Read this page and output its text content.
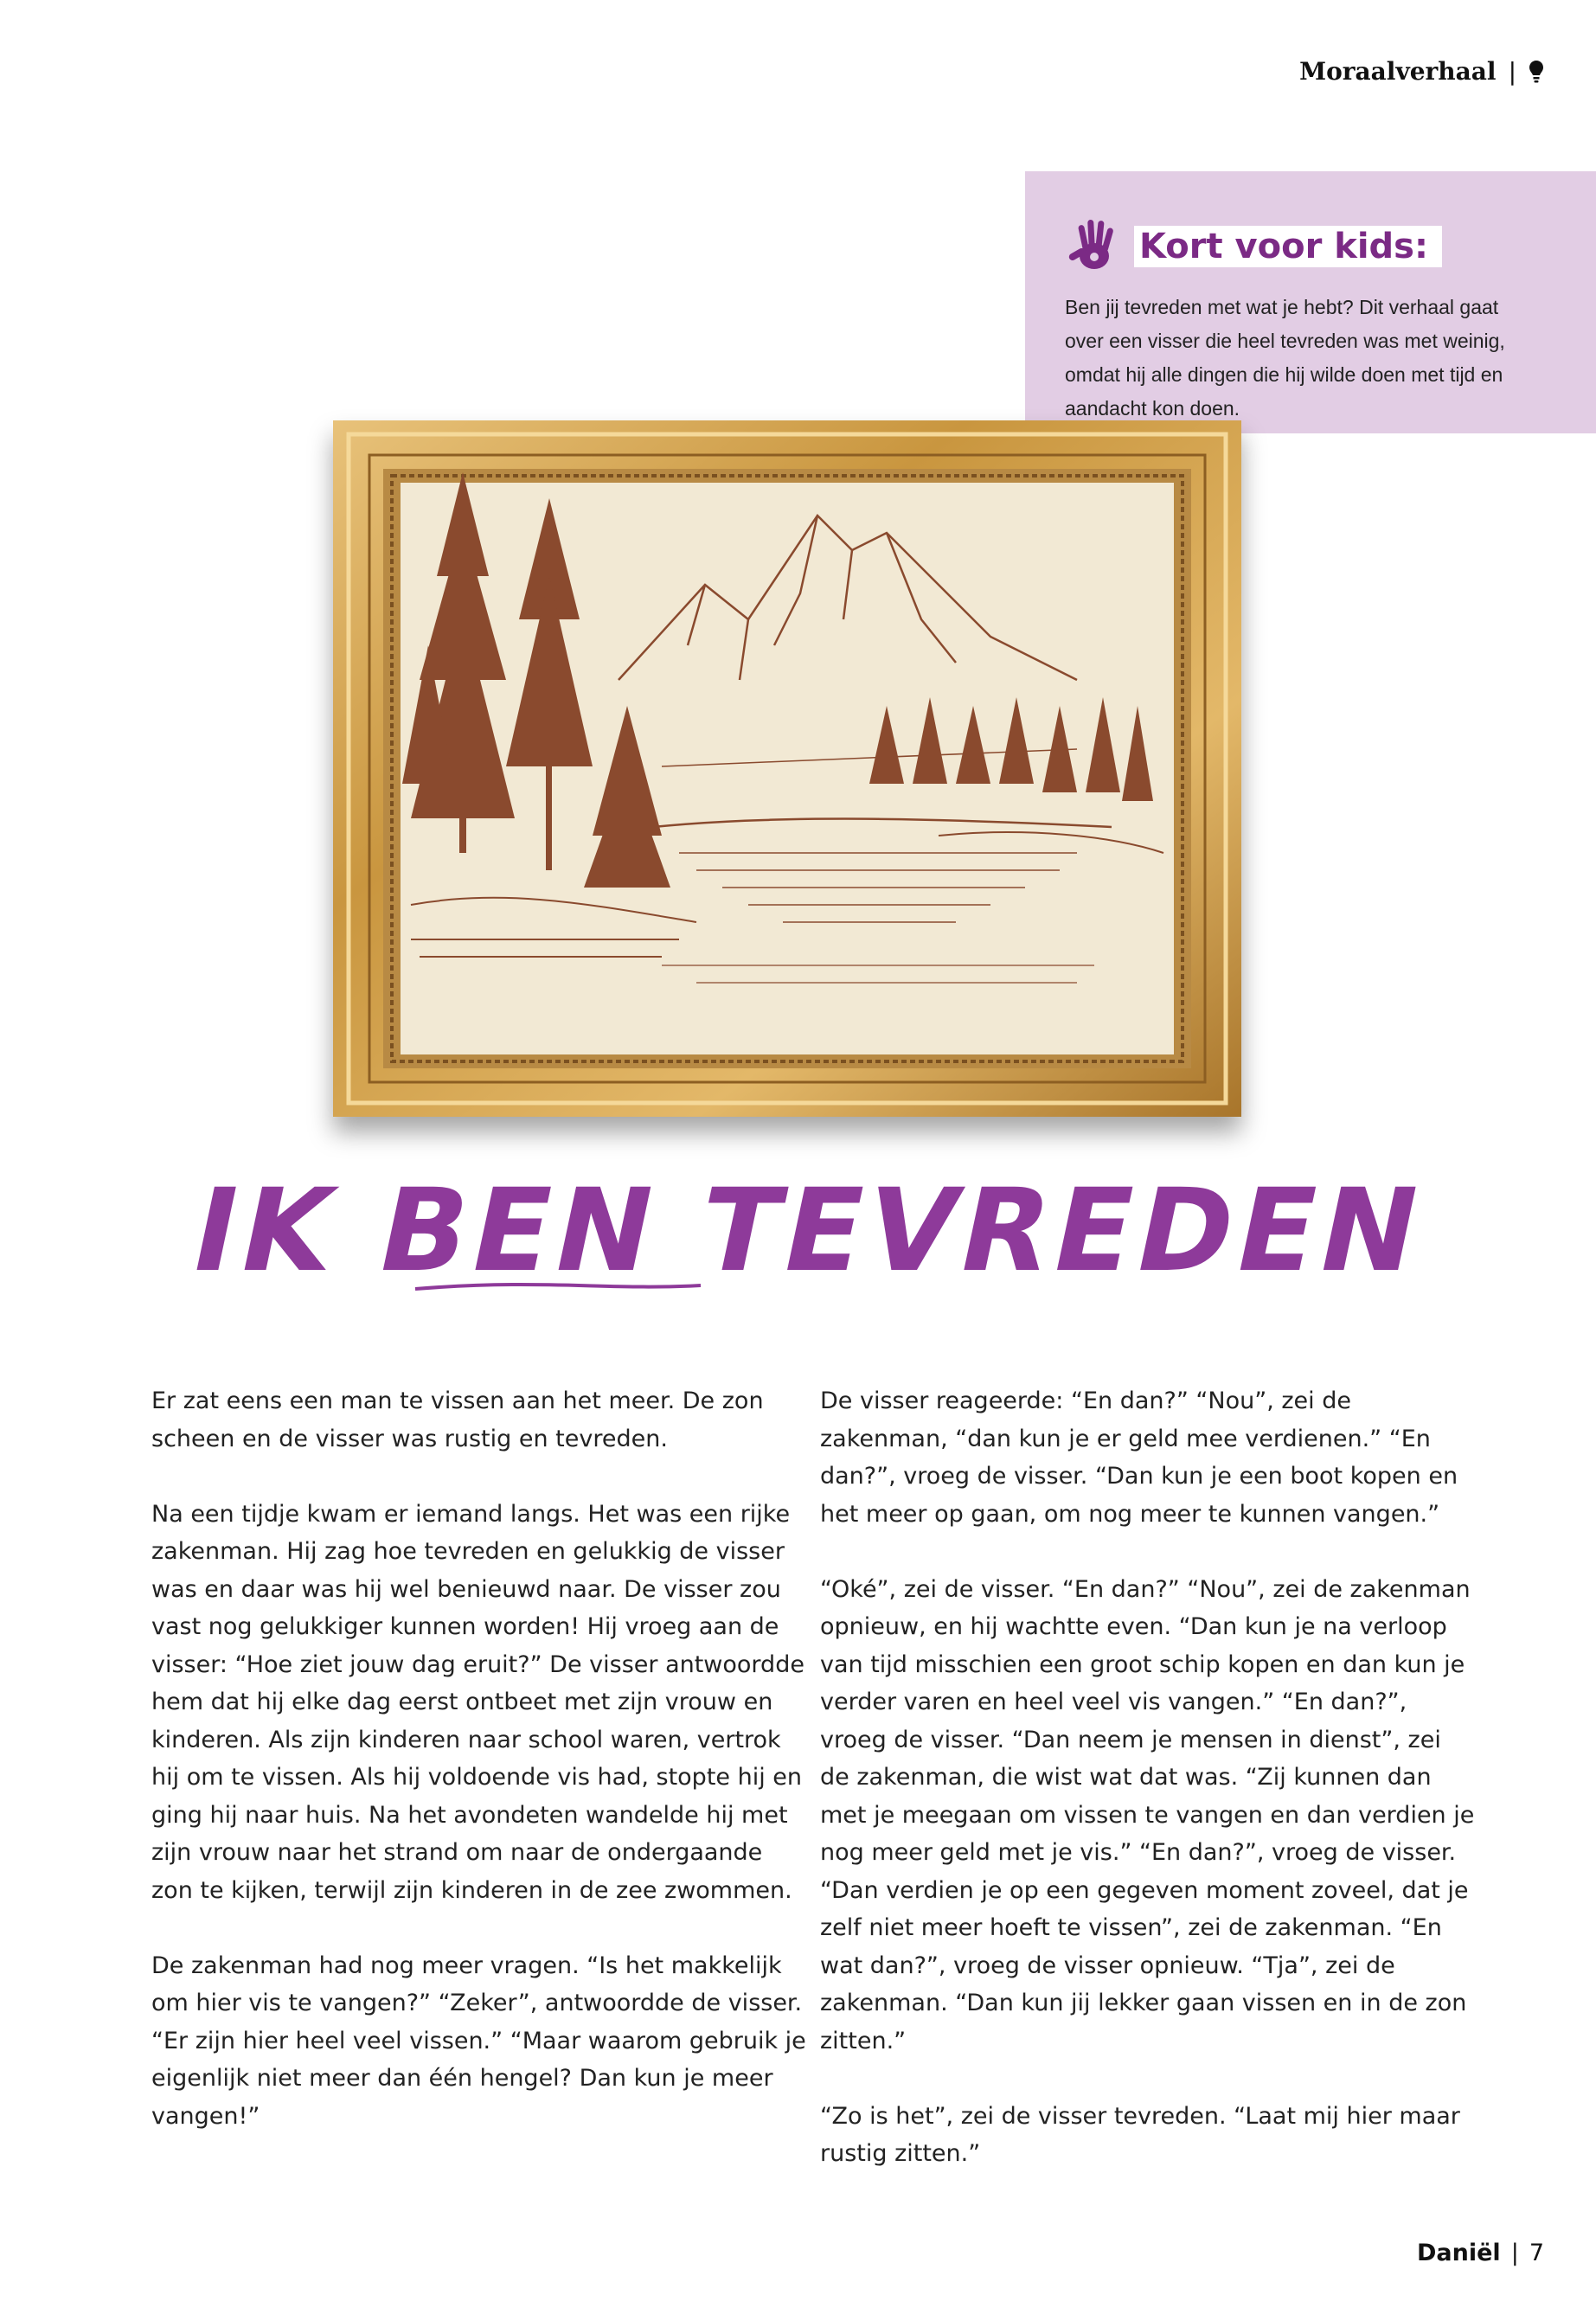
Moraalverhaal |
Kort voor kids:
Ben jij tevreden met wat je hebt? Dit verhaal gaat
over een visser die heel tevreden was met weinig,
omdat hij alle dingen die hij wilde doen met tijd en
aandacht kon doen.
IK BEN TEVREDEN

Er zat eens een man te vissen aan het meer. De zon scheen en de visser was rustig en tevreden.

Na een tijdje kwam er iemand langs. Het was een rijke zakenman. Hij zag hoe tevreden en gelukkig de visser was en daar was hij wel benieuwd naar. De visser zou vast nog gelukkiger kunnen worden! Hij vroeg aan de visser: “Hoe ziet jouw dag eruit?” De visser antwoordde hem dat hij elke dag eerst ontbeet met zijn vrouw en kinderen. Als zijn kinderen naar school waren, vertrok hij om te vissen. Als hij voldoende vis had, stopte hij en ging hij naar huis. Na het avondeten wandelde hij met zijn vrouw naar het strand om naar de ondergaande zon te kijken, terwijl zijn kinderen in de zee zwommen.

De zakenman had nog meer vragen. “Is het makkelijk om hier vis te vangen?” “Zeker”, antwoordde de visser. “Er zijn hier heel veel vissen.” “Maar waarom gebruik je eigenlijk niet meer dan één hengel? Dan kun je meer vangen!”

De visser reageerde: “En dan?” “Nou”, zei de zakenman, “dan kun je er geld mee verdienen.” “En dan?”, vroeg de visser. “Dan kun je een boot kopen en het meer op gaan, om nog meer te kunnen vangen.”

“Oké”, zei de visser. “En dan?” “Nou”, zei de zakenman opnieuw, en hij wachtte even. “Dan kun je na verloop van tijd misschien een groot schip kopen en dan kun je verder varen en heel veel vis vangen.” “En dan?”, vroeg de visser. “Dan neem je mensen in dienst”, zei de zakenman, die wist wat dat was. “Zij kunnen dan met je meegaan om vissen te vangen en dan verdien je nog meer geld met je vis.” “En dan?”, vroeg de visser. “Dan verdien je op een gegeven moment zoveel, dat je zelf niet meer hoeft te vissen”, zei de zakenman. “En wat dan?”, vroeg de visser opnieuw. “Tja”, zei de zakenman. “Dan kun jij lekker gaan vissen en in de zon zitten.”

“Zo is het”, zei de visser tevreden. “Laat mij hier maar rustig zitten.”

Daniël | 7
